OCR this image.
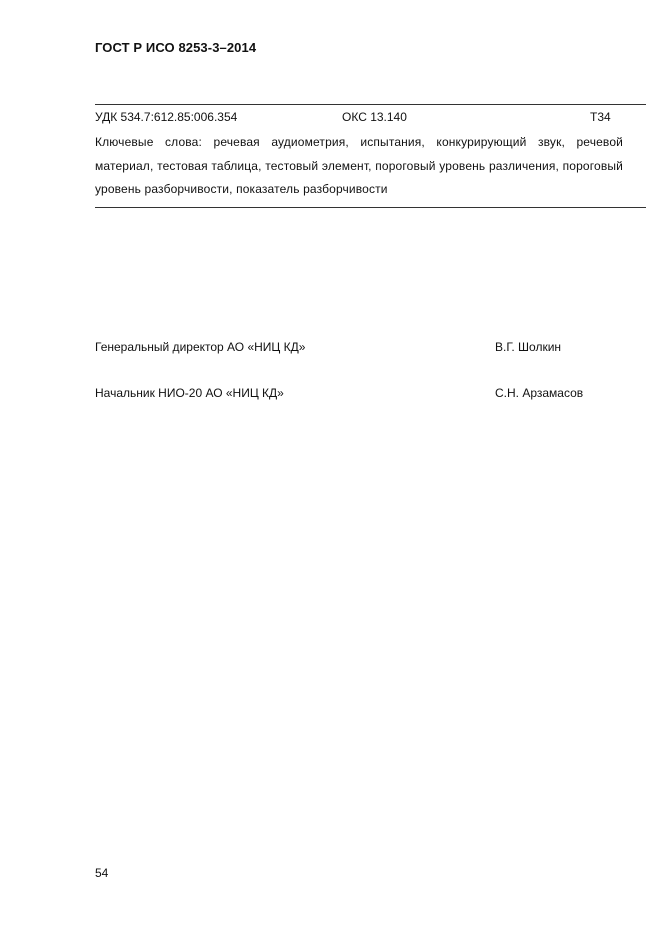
ГОСТ Р ИСО 8253-3–2014
УДК 534.7:612.85:006.354	ОКС 13.140	Т34
Ключевые слова: речевая аудиометрия, испытания, конкурирующий звук, речевой материал, тестовая таблица, тестовый элемент, пороговый уровень различения, пороговый уровень разборчивости, показатель разборчивости
Генеральный директор АО «НИЦ КД»	В.Г. Шолкин
Начальник НИО-20 АО «НИЦ КД»	С.Н. Арзамасов
54
